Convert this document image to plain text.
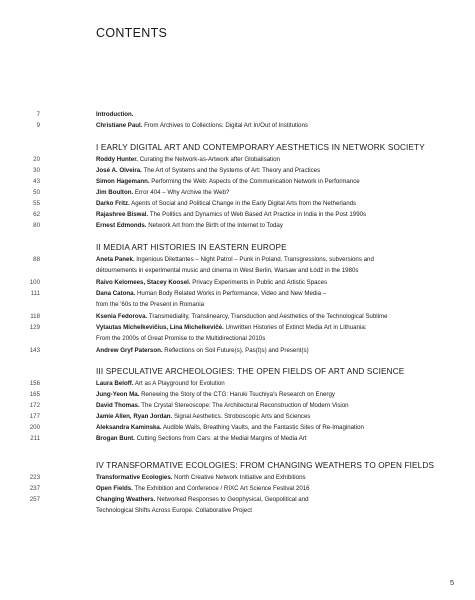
CONTENTS
7	Introduction.
9	Christiane Paul. From Archives to Collections: Digital Art In/Out of Institutions
I EARLY DIGITAL ART AND CONTEMPORARY AESTHETICS IN NETWORK SOCIETY
20	Roddy Hunter. Curating the Network-as-Artwork after Globalisation
30	José A. Olveira. The Art of Systems and the Systems of Art: Theory and Practices
43	Simon Hagemann. Performing the Web: Aspects of the Communication Network in Performance
50	Jim Boulton. Error 404 – Why Archive the Web?
55	Darko Fritz. Agents of Social and Political Change in the Early Digital Arts from the Netherlands
62	Rajashree Biswal. The Politics and Dynamics of Web Based Art Practice in India in the Post 1990s
80	Ernest Edmonds. Network Art from the Birth of the Internet to Today
II MEDIA ART HISTORIES IN EASTERN EUROPE
88	Aneta Panek. Ingenious Dilettantes – Night Patrol – Punk in Poland. Transgressions, subversions and
détournements in experimental music and cinema in West Berlin, Warsaw and Łódź in the 1980s
100	Raivo Kelomees, Stacey Koosel. Privacy Experiments in Public and Artistic Spaces
111	Dana Catona. Human Body Related Works in Performance, Video and New Media –
from the '60s to the Present in Romania
118	Ksenia Fedorova. Transmediality, Translinearcy, Transduction and Aesthetics of the Technological Sublime
129	Vytautas Michelkevičius, Lina Michelkevičė. Unwritten Histories of Extinct Media Art in Lithuania:
From the 2000s of Great Promise to the Multidirectional 2010s
143	Andrew Gryf Paterson. Reflections on Soil Future(s), Pas(t)s) and Present(s)
III SPECULATIVE ARCHEOLOGIES: THE OPEN FIELDS OF ART AND SCIENCE
156	Laura Beloff. Art as A Playground for Evolution
165	Jung-Yeon Ma. Renewing the Story of the CTG: Haruki Tsuchiya's Research on Energy
172	David Thomas. The Crystal Stereoscope: The Architectural Reconstruction of Modern Vision
177	Jamie Allen, Ryan Jordan. Signal Aesthetics. Stroboscopic Arts and Sciences
200	Aleksandra Kaminska. Audible Walls, Breathing Vaults, and the Fantastic Sites of Re-Imagination
211	Brogan Bunt. Cutting Sections from Cars: at the Medial Margins of Media Art
IV TRANSFORMATIVE ECOLOGIES: FROM CHANGING WEATHERS TO OPEN FIELDS
223	Transformative Ecologies. North Creative Network Initiative and Exhibitions
237	Open Fields. The Exhibition and Conference / RIXC Art Science Festival 2016
257	Changing Weathers. Networked Responses to Geophysical, Geopolitical and
Technological Shifts Across Europe. Collaborative Project
5
